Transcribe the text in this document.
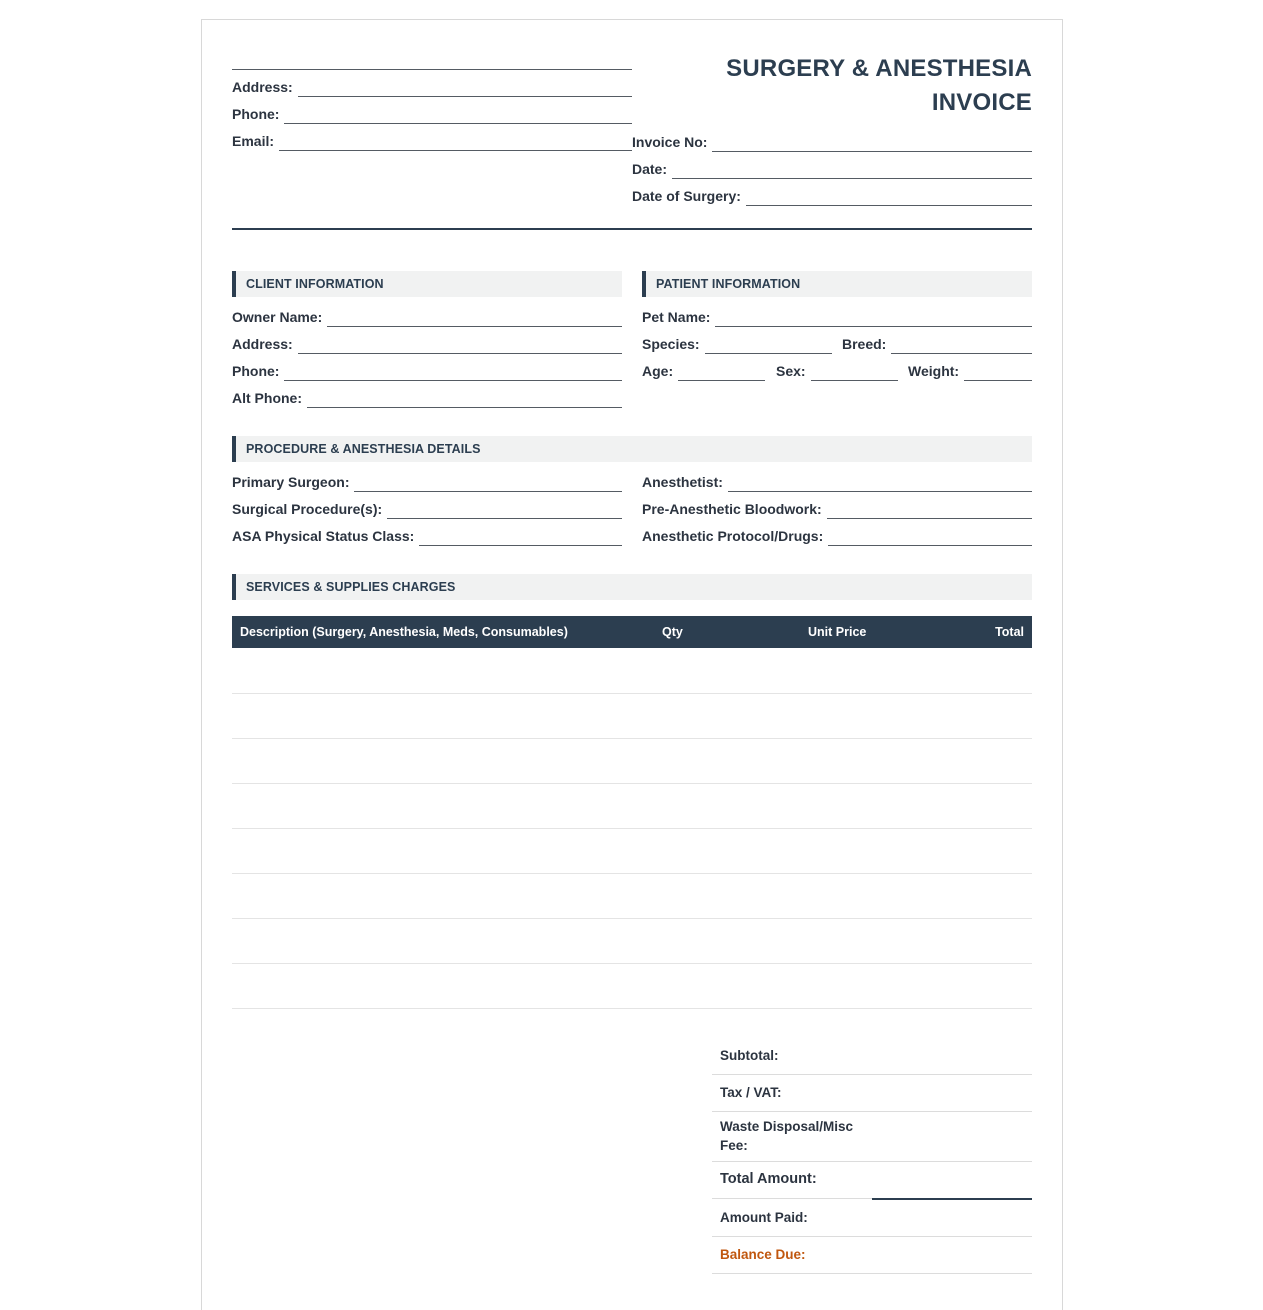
Address:
Phone:
Email:
SURGERY & ANESTHESIA
INVOICE
Invoice No:
Date:
Date of Surgery:
CLIENT INFORMATION
Owner Name:
Address:
Phone:
Alt Phone:
PATIENT INFORMATION
Pet Name:
Species:	Breed:
Age:	Sex:	Weight:
PROCEDURE & ANESTHESIA DETAILS
Primary Surgeon:
Surgical Procedure(s):
ASA Physical Status Class:
Anesthetist:
Pre-Anesthetic Bloodwork:
Anesthetic Protocol/Drugs:
SERVICES & SUPPLIES CHARGES
Description (Surgery, Anesthesia, Meds, Consumables)	Qty	Unit Price	Total
Subtotal:
Tax / VAT:
Waste Disposal/Misc
Fee:
Total Amount:
Amount Paid:
Balance Due:
